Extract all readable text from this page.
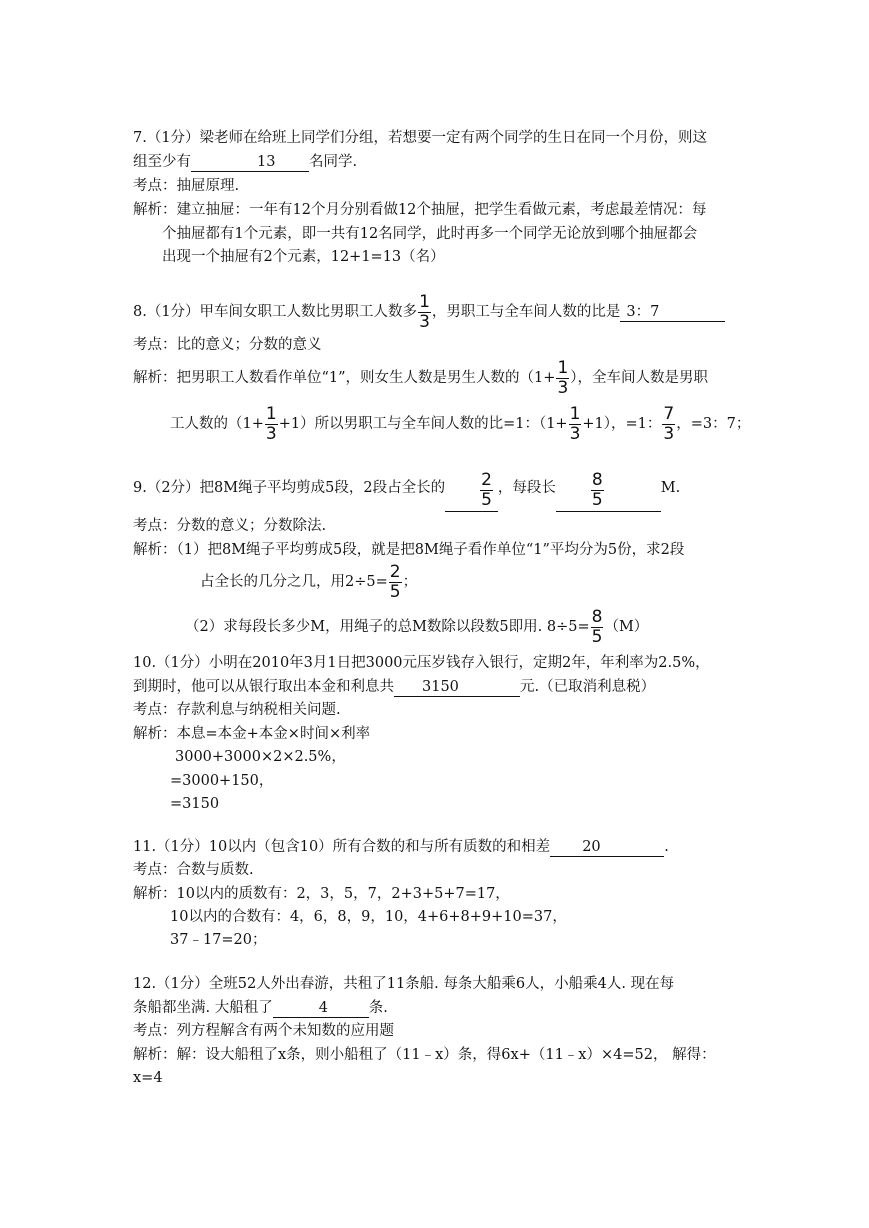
7.（1分）梁老师在给班上同学们分组，若想要一定有两个同学的生日在同一个月份，则这
组至少有	13 名同学.
考点：抽屉原理.
解析：建立抽屉：一年有12个月分别看做12个抽屉，把学生看做元素，考虑最差情况：每
个抽屉都有1个元素，即一共有12名同学，此时再多一个同学无论放到哪个抽屉都会
出现一个抽屉有2个元素，12+1=13（名）
8.（1分）甲车间女职工人数比男职工人数多 $\frac{1}{3}$ ，男职工与全车间人数的比是 3：7
考点：比的意义；分数的意义
解析：把男职工人数看作单位“1”，则女生人数是男生人数的（$1+ \frac{1}{3}$ ），全车间人数是男职
工人数的$(1+ \frac{1}{3} +1)$所以男职工与全车间人数的比=1：$(1+ \frac{1}{3} +1)$，=1： $\frac{7}{3}$ ，=3：7；
9.（2分）把8M绳子平均剪成5段，2段占全长的 $\frac{2}{5}$ ，每段长 $\frac{8}{5}$	M.
考点：分数的意义；分数除法.
解析：（1）把8M绳子平均剪成5段，就是把8M绳子看作单位“1”平均分为5份，求2段
占全长的几分之几，用$2\div 5= \frac{2}{5}$ ；
（2）求每段长多少M，用绳子的总M数除以段数5即用. $8\div 5= \frac{8}{5} (M)$
10.（1分）小明在2010年3月1日把3000元压岁钱存入银行，定期2年，年利率为2.5%，
到期时，他可以从银行取出本金和利息共 3150	元.（已取消利息税）
考点：存款利息与纳税相关问题.
解析：本息=本金+本金×时间×利率
3000+3000×2×2.5%，
=3000+150，
=3150
11.（1分）10以内（包含10）所有合数的和与所有质数的和相差 20	.
考点：合数与质数.
解析：10以内的质数有：2，3，5，7，2+3+5+7=17，
10以内的合数有：4，6，8，9，10，4+6+8+9+10=37，
37﹣17=20；
12.（1分）全班52人外出春游，共租了11条船. 每条大船乘6人，小船乘4人. 现在每
条船都坐满. 大船租了	4	条.
考点：列方程解含有两个未知数的应用题
解析：解：设大船租了x条，则小船租了（11﹣x）条，得6x+（11﹣x）×4=52， 解得：
x=4
